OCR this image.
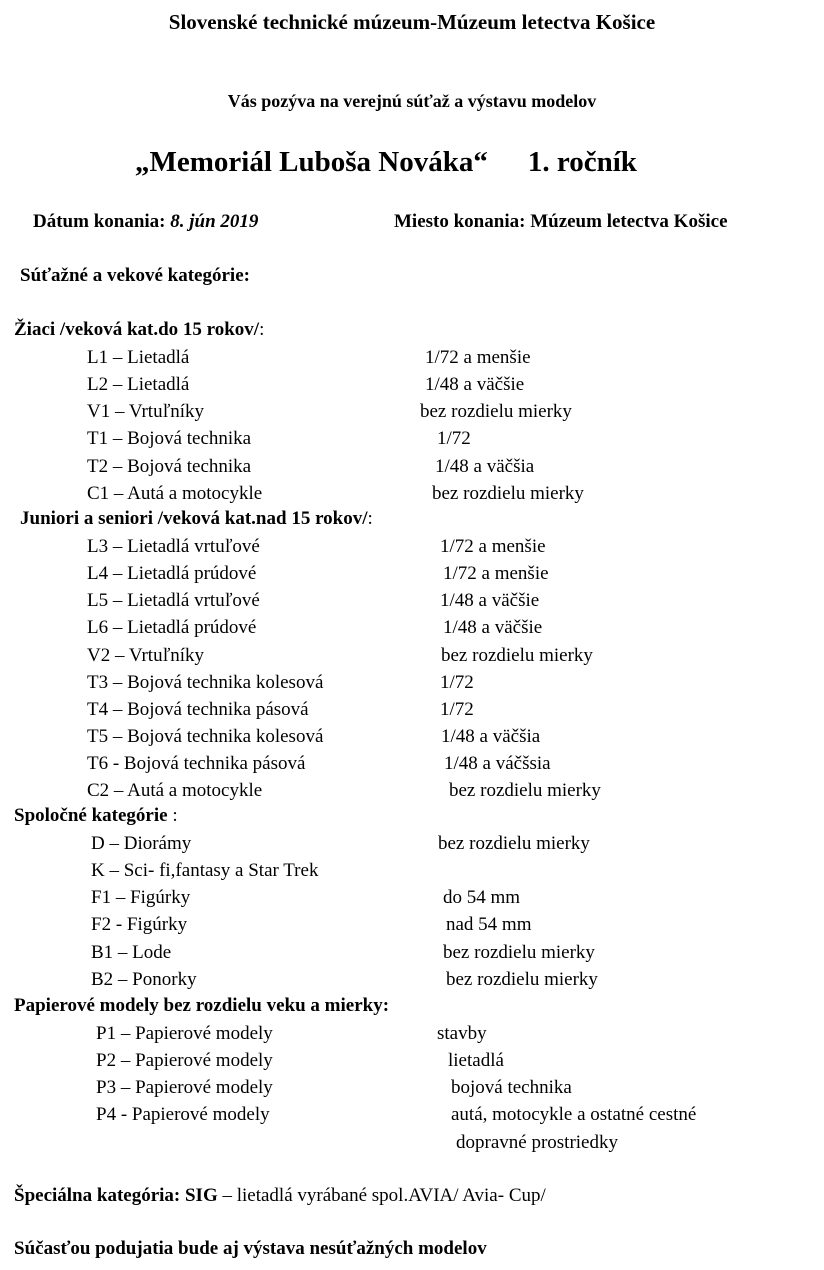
Slovenské technické múzeum-Múzeum letectva Košice
Vás pozýva na verejnú súťaž a výstavu modelov
„Memoriál Luboša Nováka“ 1. ročník
Dátum konania: 8. jún 2019	Miesto konania: Múzeum letectva Košice
Súťažné a vekové kategórie:
Žiaci /veková kat.do 15 rokov/:
L1 – Lietadlá	1/72 a menšie
L2 – Lietadlá	1/48 a väčšie
V1 – Vrtuľníky	bez rozdielu mierky
T1 – Bojová technika	1/72
T2 – Bojová technika	1/48 a väčšia
C1 – Autá a motocykle	bez rozdielu mierky
Juniori a seniori /veková kat.nad 15 rokov/:
L3 – Lietadlá vrtuľové	1/72 a menšie
L4 – Lietadlá prúdové	1/72 a menšie
L5 – Lietadlá vrtuľové	1/48 a väčšie
L6 – Lietadlá prúdové	1/48 a väčšie
V2 – Vrtuľníky	bez rozdielu mierky
T3 – Bojová technika kolesová	1/72
T4 – Bojová technika pásová	1/72
T5 – Bojová technika kolesová	1/48 a väčšia
T6 - Bojová technika pásová	1/48 a váčšsia
C2 – Autá a motocykle	bez rozdielu mierky
Spoločné kategórie :
D – Diorámy	bez rozdielu mierky
K – Sci- fi,fantasy a Star Trek
F1 – Figúrky	do 54 mm
F2 - Figúrky	nad 54 mm
B1 – Lode	bez rozdielu mierky
B2 – Ponorky	bez rozdielu mierky
Papierové modely bez rozdielu veku a mierky:
P1 – Papierové modely	stavby
P2 – Papierové modely	lietadlá
P3 – Papierové modely	bojová technika
P4 - Papierové modely	autá, motocykle a ostatné cestné
dopravné prostriedky
Špeciálna kategória: SIG – lietadlá vyrábané spol.AVIA/ Avia- Cup/
Súčasťou podujatia bude aj výstava nesúťažných modelov
